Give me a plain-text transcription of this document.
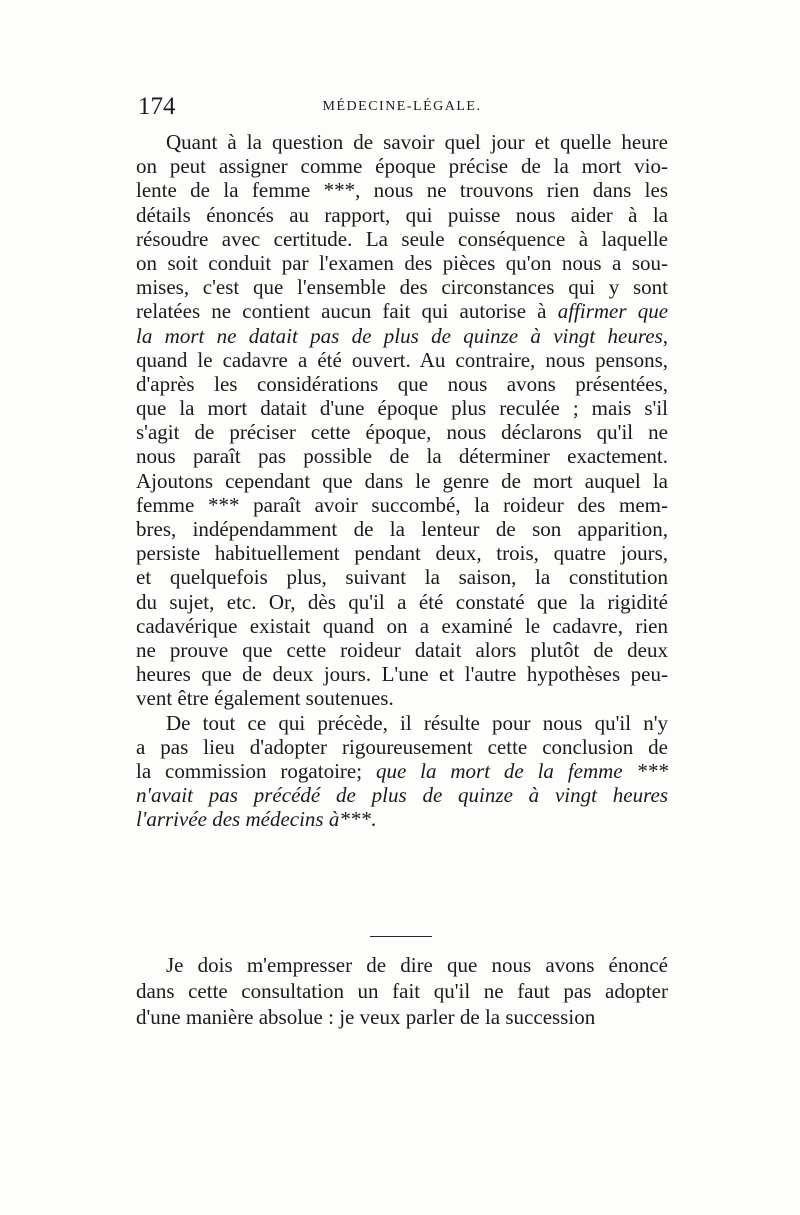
174	MÉDECINE-LÉGALE.
Quant à la question de savoir quel jour et quelle heure
on peut assigner comme époque précise de la mort vio-
lente de la femme ***, nous ne trouvons rien dans les
détails énoncés au rapport, qui puisse nous aider à la
résoudre avec certitude. La seule conséquence à laquelle
on soit conduit par l'examen des pièces qu'on nous a sou-
mises, c'est que l'ensemble des circonstances qui y sont
relatées ne contient aucun fait qui autorise à affirmer que
la mort ne datait pas de plus de quinze à vingt heures,
quand le cadavre a été ouvert. Au contraire, nous pensons,
d'après les considérations que nous avons présentées,
que la mort datait d'une époque plus reculée ; mais s'il
s'agit de préciser cette époque, nous déclarons qu'il ne
nous paraît pas possible de la déterminer exactement.
Ajoutons cependant que dans le genre de mort auquel la
femme *** paraît avoir succombé, la roideur des mem-
bres, indépendamment de la lenteur de son apparition,
persiste habituellement pendant deux, trois, quatre jours,
et quelquefois plus, suivant la saison, la constitution
du sujet, etc. Or, dès qu'il a été constaté que la rigidité
cadavérique existait quand on a examiné le cadavre, rien
ne prouve que cette roideur datait alors plutôt de deux
heures que de deux jours. L'une et l'autre hypothèses peu-
vent être également soutenues.
De tout ce qui précède, il résulte pour nous qu'il n'y
a pas lieu d'adopter rigoureusement cette conclusion de
la commission rogatoire; que la mort de la femme ***
n'avait pas précédé de plus de quinze à vingt heures
l'arrivée des médecins à***.
Je dois m'empresser de dire que nous avons énoncé
dans cette consultation un fait qu'il ne faut pas adopter
d'une manière absolue : je veux parler de la succession
